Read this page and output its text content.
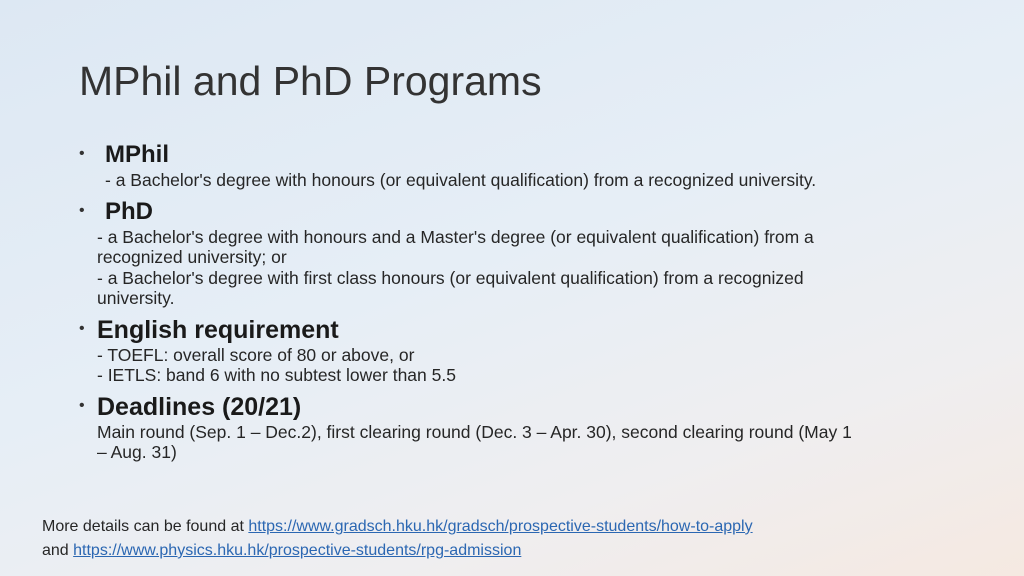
MPhil and PhD Programs
• MPhil
- a Bachelor's degree with honours (or equivalent qualification) from a recognized university.
• PhD
- a Bachelor's degree with honours and a Master's degree (or equivalent qualification) from a
recognized university; or
- a Bachelor's degree with first class honours (or equivalent qualification) from a recognized
university.
• English requirement
- TOEFL: overall score of 80 or above, or
- IETLS: band 6 with no subtest lower than 5.5
• Deadlines (20/21)
Main round (Sep. 1 – Dec.2), first clearing round (Dec. 3 – Apr. 30), second clearing round (May 1
– Aug. 31)
More details can be found at https://www.gradsch.hku.hk/gradsch/prospective-students/how-to-apply
and https://www.physics.hku.hk/prospective-students/rpg-admission
